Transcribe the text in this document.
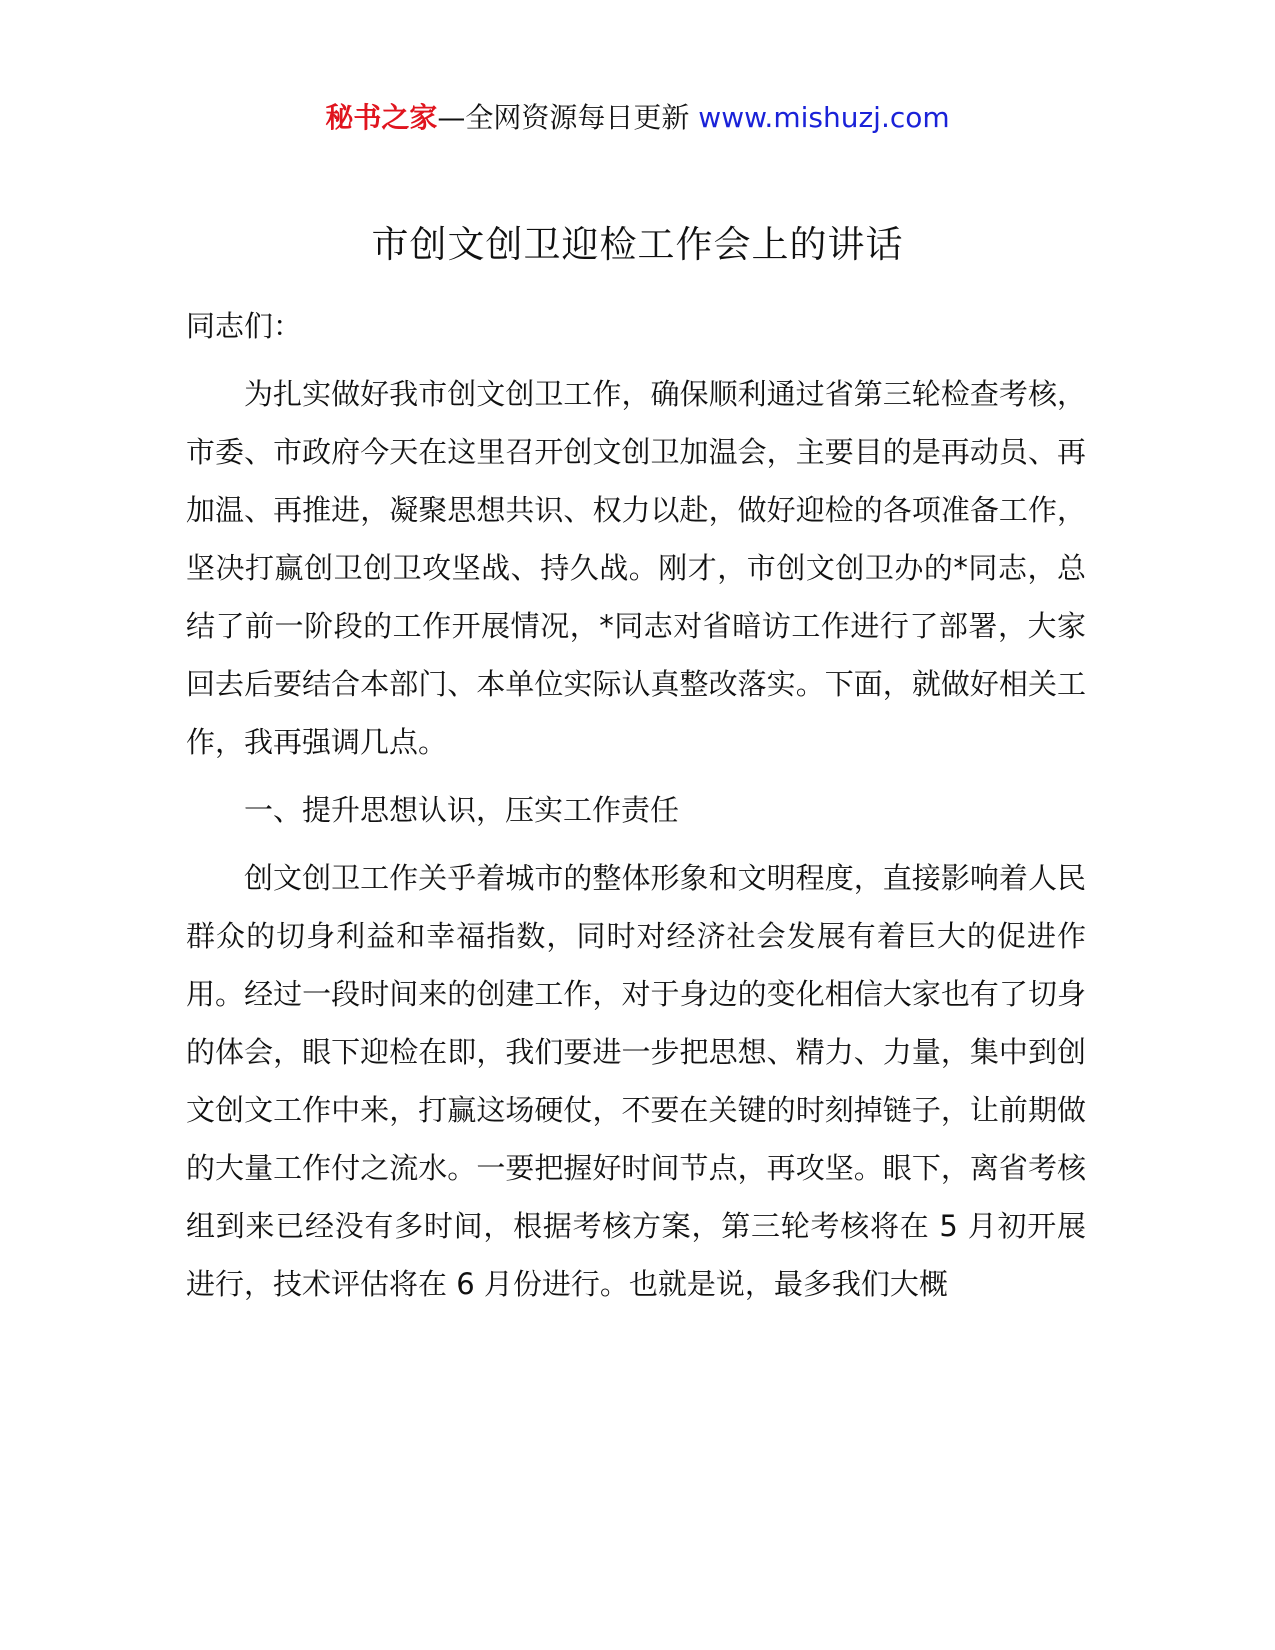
秘书之家—全网资源每日更新 www.mishuzj.com
市创文创卫迎检工作会上的讲话

同志们：

为扎实做好我市创文创卫工作，确保顺利通过省第三轮检查考核，市委、市政府今天在这里召开创文创卫加温会，主要目的是再动员、再加温、再推进，凝聚思想共识、权力以赴，做好迎检的各项准备工作，坚决打赢创卫创卫攻坚战、持久战。刚才，市创文创卫办的*同志，总结了前一阶段的工作开展情况，*同志对省暗访工作进行了部署，大家回去后要结合本部门、本单位实际认真整改落实。下面，就做好相关工作，我再强调几点。

一、提升思想认识，压实工作责任

创文创卫工作关乎着城市的整体形象和文明程度，直接影响着人民群众的切身利益和幸福指数，同时对经济社会发展有着巨大的促进作用。经过一段时间来的创建工作，对于身边的变化相信大家也有了切身的体会，眼下迎检在即，我们要进一步把思想、精力、力量，集中到创文创文工作中来，打赢这场硬仗，不要在关键的时刻掉链子，让前期做的大量工作付之流水。一要把握好时间节点，再攻坚。眼下，离省考核组到来已经没有多时间，根据考核方案，第三轮考核将在 5 月初开展进行，技术评估将在 6 月份进行。也就是说，最多我们大概
